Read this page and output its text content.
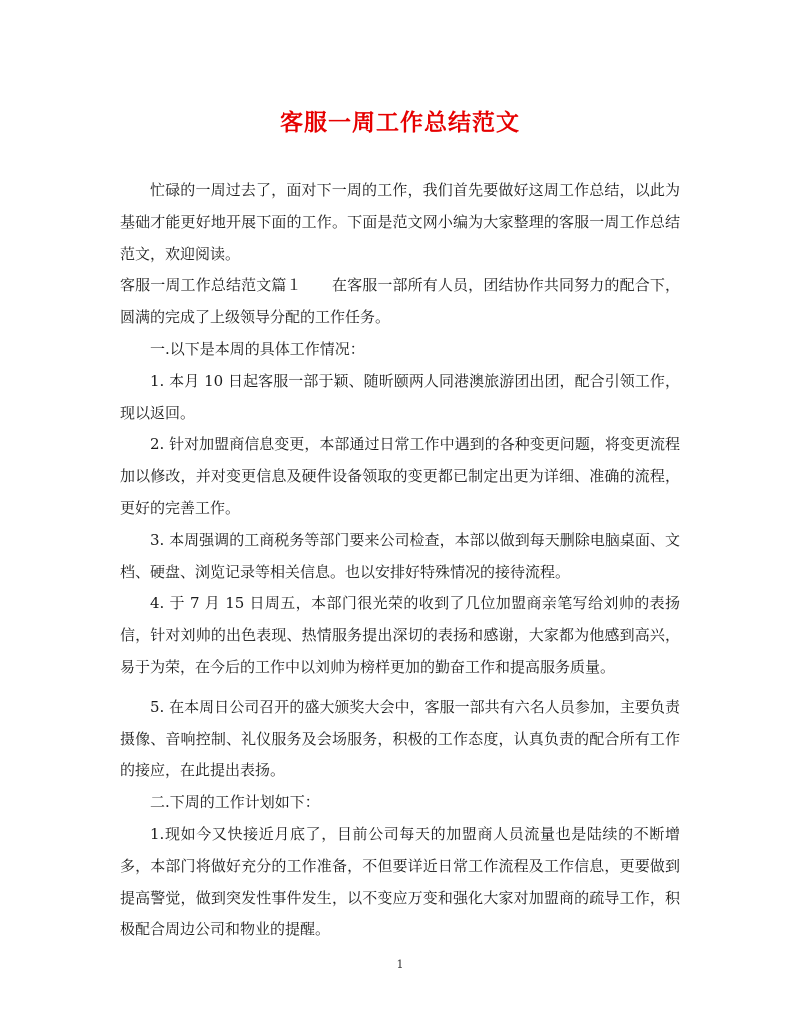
客服一周工作总结范文

忙碌的一周过去了，面对下一周的工作，我们首先要做好这周工作总结，以此为基础才能更好地开展下面的工作。下面是范文网小编为大家整理的客服一周工作总结范文，欢迎阅读。

客服一周工作总结范文篇１　　在客服一部所有人员，团结协作共同努力的配合下，圆满的完成了上级领导分配的工作任务。

一.以下是本周的具体工作情况：

1. 本月 10 日起客服一部于颖、随昕颐两人同港澳旅游团出团，配合引领工作，现以返回。

2. 针对加盟商信息变更，本部通过日常工作中遇到的各种变更问题，将变更流程加以修改，并对变更信息及硬件设备领取的变更都已制定出更为详细、准确的流程，更好的完善工作。

3. 本周强调的工商税务等部门要来公司检查，本部以做到每天删除电脑桌面、文档、硬盘、浏览记录等相关信息。也以安排好特殊情况的接待流程。

4. 于 7 月 15 日周五，本部门很光荣的收到了几位加盟商亲笔写给刘帅的表扬信，针对刘帅的出色表现、热情服务提出深切的表扬和感谢，大家都为他感到高兴，易于为荣，在今后的工作中以刘帅为榜样更加的勤奋工作和提高服务质量。

5. 在本周日公司召开的盛大颁奖大会中，客服一部共有六名人员参加，主要负责摄像、音响控制、礼仪服务及会场服务，积极的工作态度，认真负责的配合所有工作的接应，在此提出表扬。

二.下周的工作计划如下：

1.现如今又快接近月底了，目前公司每天的加盟商人员流量也是陆续的不断增多，本部门将做好充分的工作准备，不但要详近日常工作流程及工作信息，更要做到提高警觉，做到突发性事件发生，以不变应万变和强化大家对加盟商的疏导工作，积极配合周边公司和物业的提醒。

1
